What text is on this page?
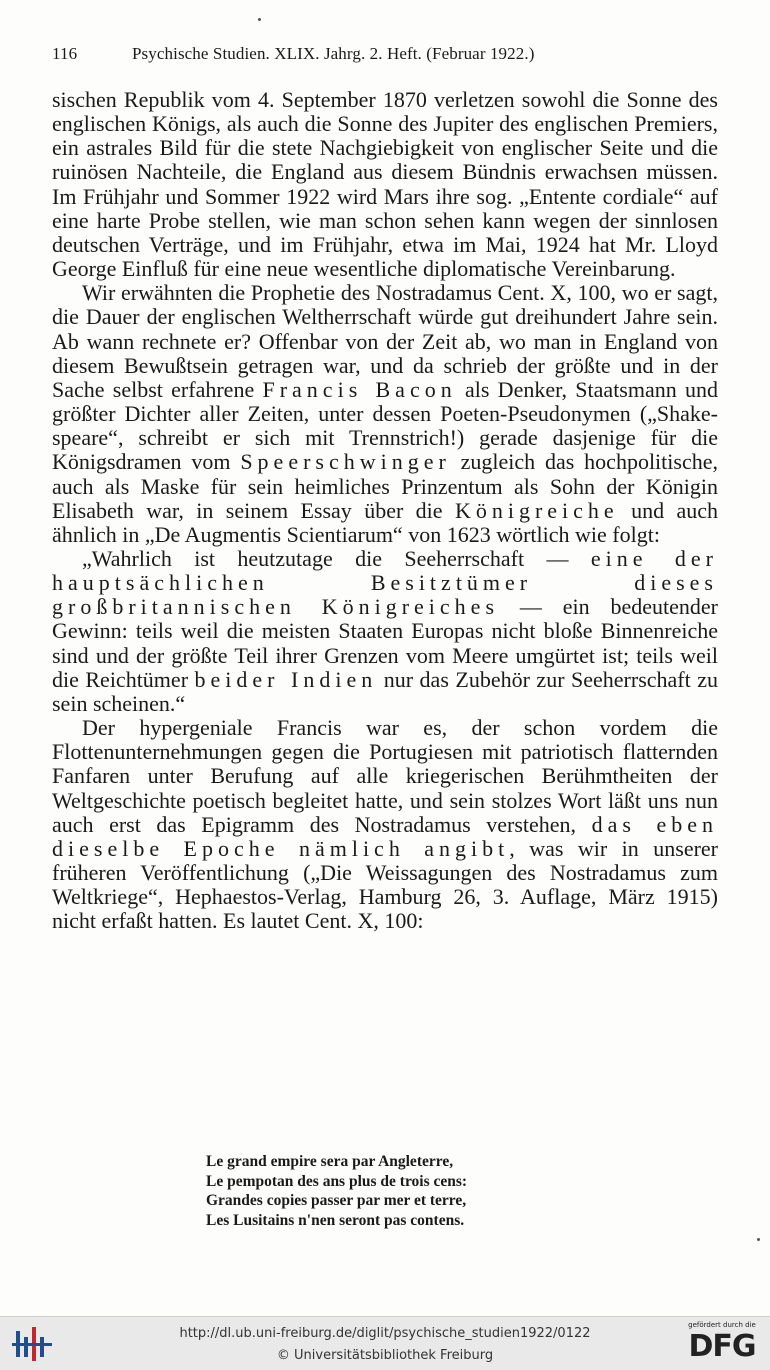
116	Psychische Studien. XLIX. Jahrg. 2. Heft. (Februar 1922.)

sischen Republik vom 4. September 1870 verletzen sowohl die Sonne des englischen Königs, als auch die Sonne des Jupiter des englischen Premiers, ein astrales Bild für die stete Nachgiebigkeit von englischer Seite und die ruinösen Nachteile, die England aus diesem Bündnis erwachsen müssen. Im Frühjahr und Sommer 1922 wird Mars ihre sog. „Entente cordiale“ auf eine harte Probe stellen, wie man schon sehen kann wegen der sinnlosen deutschen Verträge, und im Frühjahr, etwa im Mai, 1924 hat Mr. Lloyd George Einfluß für eine neue wesentliche diplomatische Vereinbarung.

Wir erwähnten die Prophetie des Nostradamus Cent. X, 100, wo er sagt, die Dauer der englischen Weltherrschaft würde gut dreihundert Jahre sein. Ab wann rechnete er? Offenbar von der Zeit ab, wo man in England von diesem Bewußtsein getragen war, und da schrieb der größte und in der Sache selbst erfahrene Francis Bacon als Denker, Staatsmann und größter Dichter aller Zeiten, unter dessen Poeten-Pseudonymen („Shake-speare“, schreibt er sich mit Trennstrich!) gerade dasjenige für die Königsdramen vom Speerschwinger zugleich das hochpolitische, auch als Maske für sein heimliches Prinzentum als Sohn der Königin Elisabeth war, in seinem Essay über die Königreiche und auch ähnlich in „De Augmentis Scientiarum“ von 1623 wörtlich wie folgt:

„Wahrlich ist heutzutage die Seeherrschaft — eine der hauptsächlichen Besitztümer dieses großbritannischen Königreiches — ein bedeutender Gewinn: teils weil die meisten Staaten Europas nicht bloße Binnenreiche sind und der größte Teil ihrer Grenzen vom Meere umgürtet ist; teils weil die Reichtümer beider Indien nur das Zubehör zur Seeherrschaft zu sein scheinen.“

Der hypergeniale Francis war es, der schon vordem die Flottenunternehmungen gegen die Portugiesen mit patriotisch flatternden Fanfaren unter Berufung auf alle kriegerischen Berühmtheiten der Weltgeschichte poetisch begleitet hatte, und sein stolzes Wort läßt uns nun auch erst das Epigramm des Nostradamus verstehen, das eben dieselbe Epoche nämlich angibt, was wir in unserer früheren Veröffentlichung („Die Weissagungen des Nostradamus zum Weltkriege“, Hephaestos-Verlag, Hamburg 26, 3. Auflage, März 1915) nicht erfaßt hatten. Es lautet Cent. X, 100:

Le grand empire sera par Angleterre,
Le pempotan des ans plus de trois cens:
Grandes copies passer par mer et terre,
Les Lusitains n'nen seront pas contens.
http://dl.ub.uni-freiburg.de/diglit/psychische_studien1922/0122
© Universitätsbibliothek Freiburg
gefördert durch die
DFG
